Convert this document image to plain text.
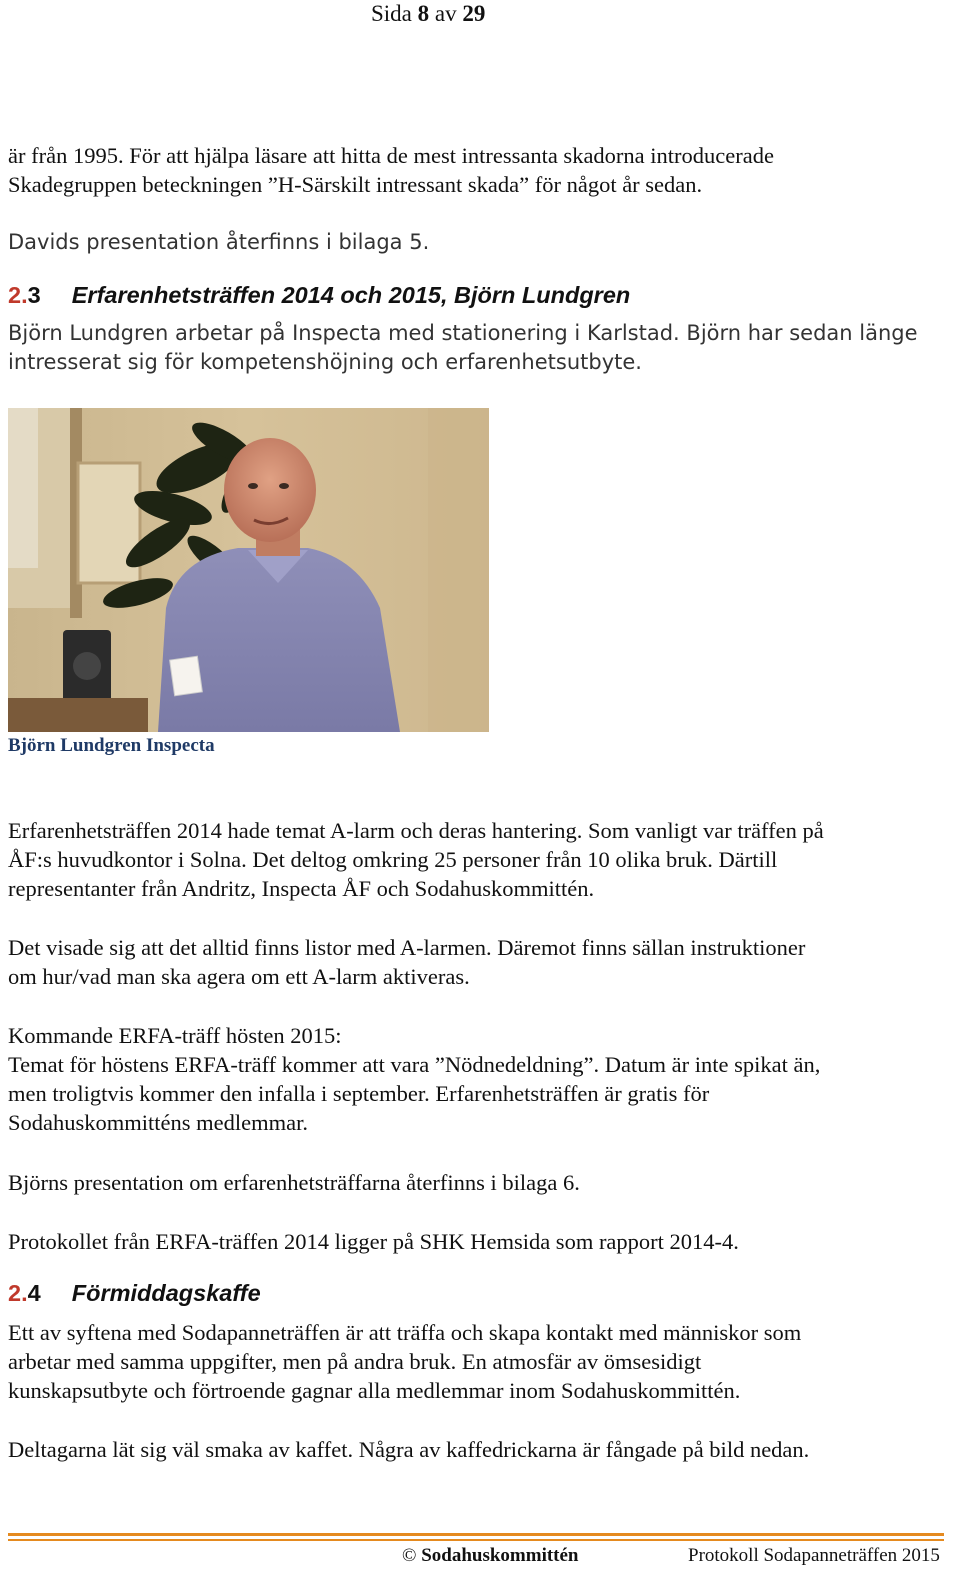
Sida 8 av 29
är från 1995. För att hjälpa läsare att hitta de mest intressanta skadorna introducerade
Skadegruppen beteckningen ”H-Särskilt intressant skada” för något år sedan.
Davids presentation återfinns i bilaga 5.
2.3 Erfarenhetsträffen 2014 och 2015, Björn Lundgren
Björn Lundgren arbetar på Inspecta med stationering i Karlstad. Björn har sedan länge
intresserat sig för kompetenshöjning och erfarenhetsutbyte.
Björn Lundgren Inspecta
Erfarenhetsträffen 2014 hade temat A-larm och deras hantering. Som vanligt var träffen på
ÅF:s huvudkontor i Solna. Det deltog omkring 25 personer från 10 olika bruk. Därtill
representanter från Andritz, Inspecta ÅF och Sodahuskommittén.
Det visade sig att det alltid finns listor med A-larmen. Däremot finns sällan instruktioner
om hur/vad man ska agera om ett A-larm aktiveras.
Kommande ERFA-träff hösten 2015:
Temat för höstens ERFA-träff kommer att vara ”Nödnedeldning”. Datum är inte spikat än,
men troligtvis kommer den infalla i september. Erfarenhetsträffen är gratis för
Sodahuskommitténs medlemmar.
Björns presentation om erfarenhetsträffarna återfinns i bilaga 6.
Protokollet från ERFA-träffen 2014 ligger på SHK Hemsida som rapport 2014-4.
2.4 Förmiddagskaffe
Ett av syftena med Sodapanneträffen är att träffa och skapa kontakt med människor som
arbetar med samma uppgifter, men på andra bruk. En atmosfär av ömsesidigt
kunskapsutbyte och förtroende gagnar alla medlemmar inom Sodahuskommittén.
Deltagarna lät sig väl smaka av kaffet. Några av kaffedrickarna är fångade på bild nedan.
© Sodahuskommittén	Protokoll Sodapanneträffen 2015
